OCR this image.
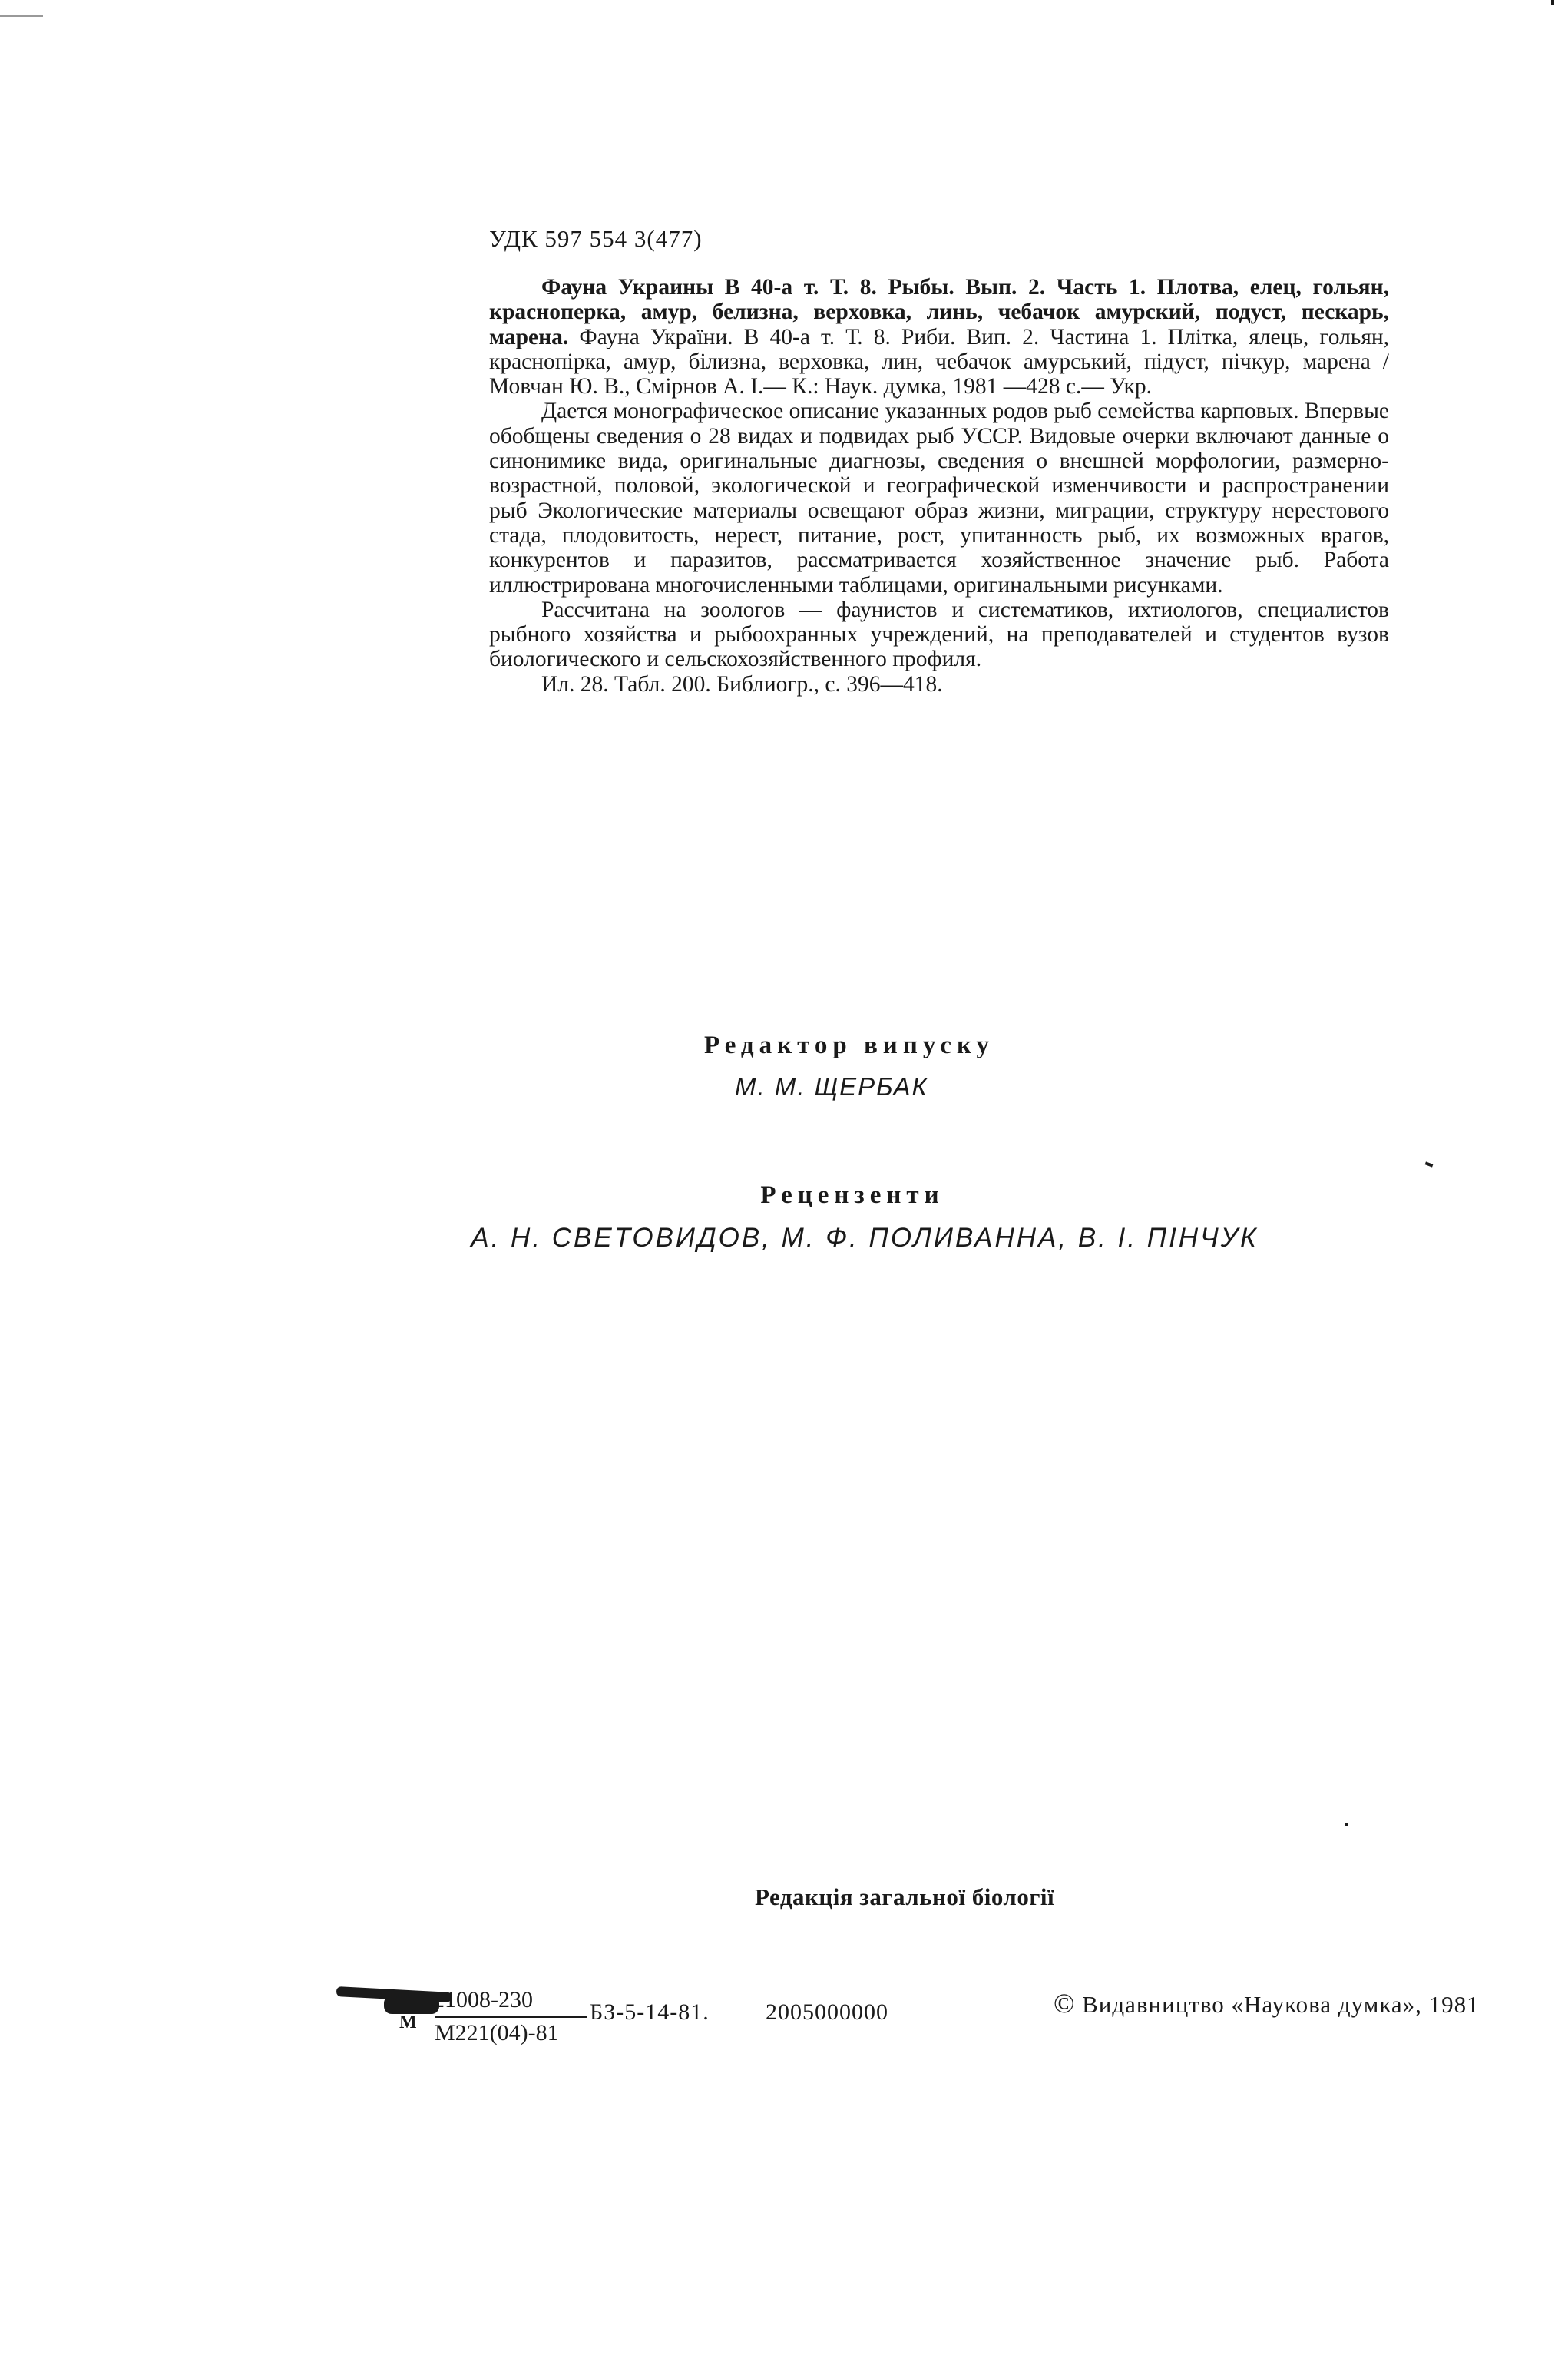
УДК 597 554 3(477)

Фауна Украины В 40-а т. Т. 8. Рыбы. Вып. 2. Часть 1. Плотва, елец, гольян, красноперка, амур, белизна, верховка, линь, чебачок амурский, подуст, пескарь, марена. Фауна України. В 40-а т. Т. 8. Риби. Вип. 2. Частина 1. Плітка, ялець, гольян, краснопірка, амур, білизна, верховка, лин, чебачок амурський, підуст, пічкур, марена / Мовчан Ю. В., Смірнов А. І.— К.: Наук. думка, 1981 —428 с.— Укр.

Дается монографическое описание указанных родов рыб семейства карповых. Впервые обобщены сведения о 28 видах и подвидах рыб УССР. Видовые очерки включают данные о синонимике вида, оригинальные диагнозы, сведения о внешней морфологии, размерно-возрастной, половой, экологической и географической изменчивости и распространении рыб Экологические материалы освещают образ жизни, миграции, структуру нерестового стада, плодовитость, нерест, питание, рост, упитанность рыб, их возможных врагов, конкурентов и паразитов, рассматривается хозяйственное значение рыб. Работа иллюстрирована многочисленными таблицами, оригинальными рисунками.

Рассчитана на зоологов — фаунистов и систематиков, ихтиологов, специалистов рыбного хозяйства и рыбоохранных учреждений, на преподавателей и студентов вузов биологического и сельскохозяйственного профиля.

Ил. 28. Табл. 200. Библиогр., с. 396—418.

Редактор випуску
М. М. ЩЕРБАК
Рецензенти
А. Н. СВЕТОВИДОВ, М. Ф. ПОЛИВАННА, В. І. ПІНЧУК
Редакція загальної біології
М
21008-230
М221(04)-81
БЗ-5-14-81. 2005000000	© Видавництво «Наукова думка», 1981
